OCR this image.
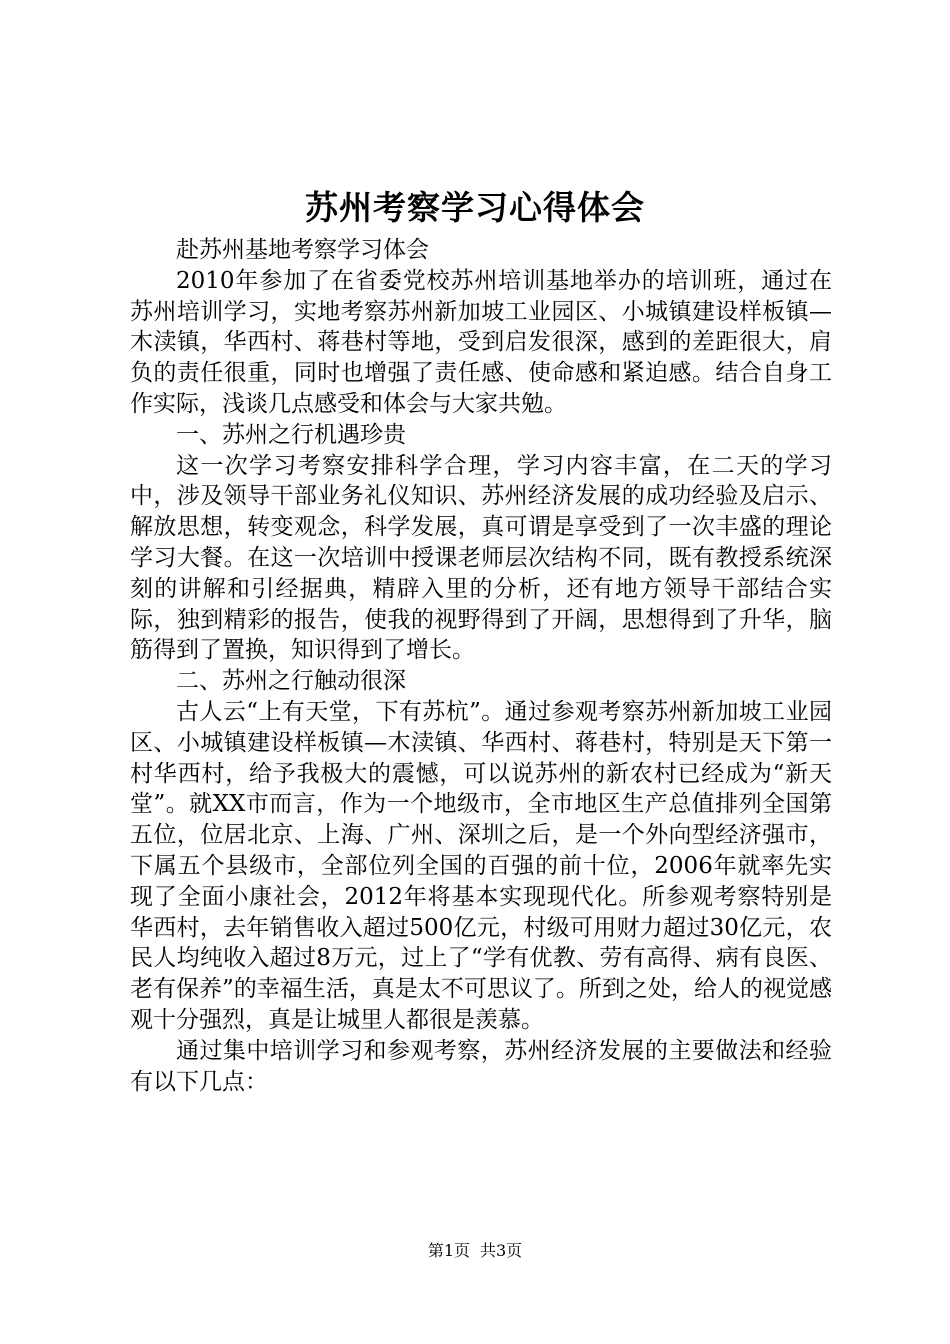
苏州考察学习心得体会

赴苏州基地考察学习体会

2010年参加了在省委党校苏州培训基地举办的培训班，通过在苏州培训学习，实地考察苏州新加坡工业园区、小城镇建设样板镇—木渎镇，华西村、蒋巷村等地，受到启发很深，感到的差距很大，肩负的责任很重，同时也增强了责任感、使命感和紧迫感。结合自身工作实际，浅谈几点感受和体会与大家共勉。

一、苏州之行机遇珍贵

这一次学习考察安排科学合理，学习内容丰富，在二天的学习中，涉及领导干部业务礼仪知识、苏州经济发展的成功经验及启示、解放思想，转变观念，科学发展，真可谓是享受到了一次丰盛的理论学习大餐。在这一次培训中授课老师层次结构不同，既有教授系统深刻的讲解和引经据典，精辟入里的分析，还有地方领导干部结合实际，独到精彩的报告，使我的视野得到了开阔，思想得到了升华，脑筋得到了置换，知识得到了增长。

二、苏州之行触动很深

古人云“上有天堂，下有苏杭”。通过参观考察苏州新加坡工业园区、小城镇建设样板镇—木渎镇、华西村、蒋巷村，特别是天下第一村华西村，给予我极大的震憾，可以说苏州的新农村已经成为“新天堂”。就XX市而言，作为一个地级市，全市地区生产总值排列全国第五位，位居北京、上海、广州、深圳之后，是一个外向型经济强市，下属五个县级市，全部位列全国的百强的前十位，2006年就率先实现了全面小康社会，2012年将基本实现现代化。所参观考察特别是华西村，去年销售收入超过500亿元，村级可用财力超过30亿元，农民人均纯收入超过8万元，过上了“学有优教、劳有高得、病有良医、老有保养”的幸福生活，真是太不可思议了。所到之处，给人的视觉感观十分强烈，真是让城里人都很是羡慕。

通过集中培训学习和参观考察，苏州经济发展的主要做法和经验有以下几点：

第1页 共3页
